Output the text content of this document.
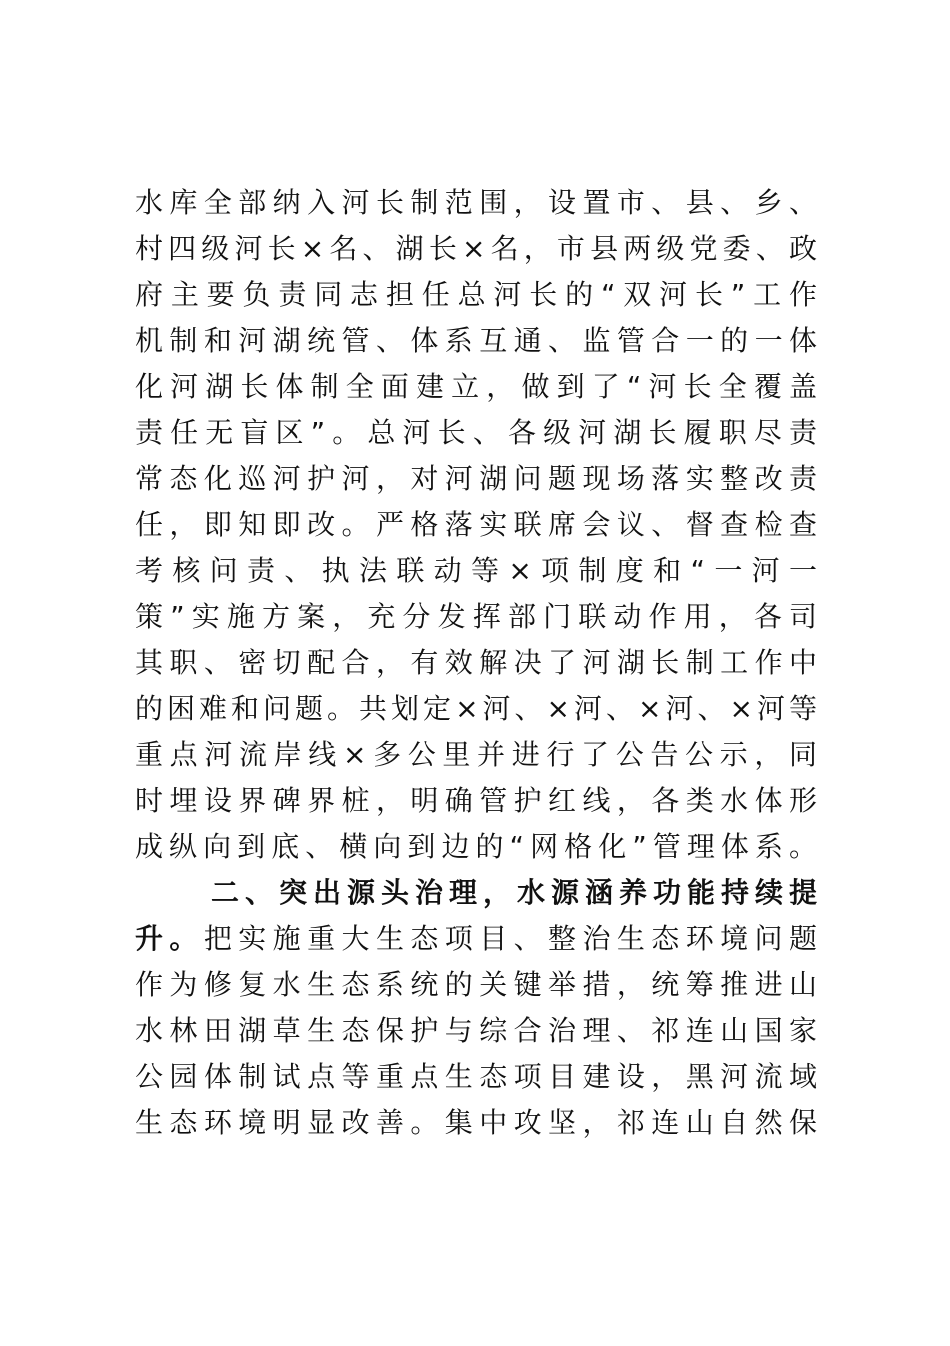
水库全部纳入河长制范围，设置市、县、乡、
村四级河长×名、湖长×名，市县两级党委、政
府主要负责同志担任总河长的“双河长”工作
机制和河湖统管、体系互通、监管合一的一体
化河湖长体制全面建立，做到了“河长全覆盖
责任无盲区”。总河长、各级河湖长履职尽责
常态化巡河护河，对河湖问题现场落实整改责
任，即知即改。严格落实联席会议、督查检查
考核问责、执法联动等×项制度和“一河一
策”实施方案，充分发挥部门联动作用，各司
其职、密切配合，有效解决了河湖长制工作中
的困难和问题。共划定×河、×河、×河、×河等
重点河流岸线×多公里并进行了公告公示，同
时埋设界碑界桩，明确管护红线，各类水体形
成纵向到底、横向到边的“网格化”管理体系。
二、突出源头治理，水源涵养功能持续提
升。把实施重大生态项目、整治生态环境问题
作为修复水生态系统的关键举措，统筹推进山
水林田湖草生态保护与综合治理、祁连山国家
公园体制试点等重点生态项目建设，黑河流域
生态环境明显改善。集中攻坚，祁连山自然保
